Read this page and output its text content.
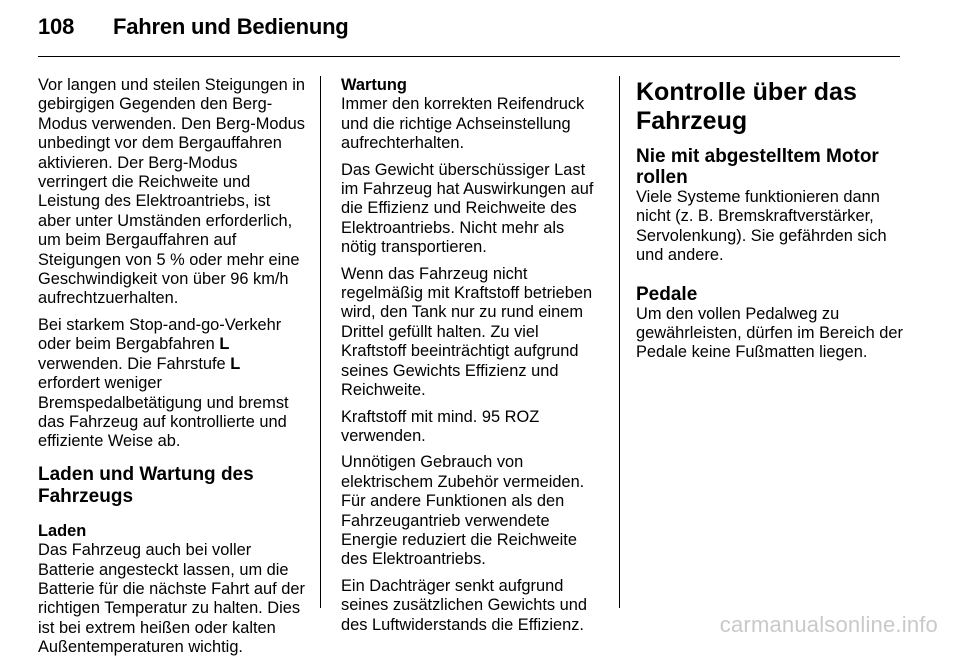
108 Fahren und Bedienung

Vor langen und steilen Steigungen in gebirgigen Gegenden den Berg-Modus verwenden. Den Berg-Modus unbedingt vor dem Bergauffahren aktivieren. Der Berg-Modus verringert die Reichweite und Leistung des Elektroantriebs, ist aber unter Umständen erforderlich, um beim Bergauffahren auf Steigungen von 5 % oder mehr eine Geschwindigkeit von über 96 km/h aufrechtzuerhalten.

Bei starkem Stop-and-go-Verkehr oder beim Bergabfahren L verwenden. Die Fahrstufe L erfordert weniger Bremspedalbetätigung und bremst das Fahrzeug auf kontrollierte und effiziente Weise ab.

Laden und Wartung des Fahrzeugs
Laden

Das Fahrzeug auch bei voller Batterie angesteckt lassen, um die Batterie für die nächste Fahrt auf der richtigen Temperatur zu halten. Dies ist bei extrem heißen oder kalten Außentemperaturen wichtig.

Wartung

Immer den korrekten Reifendruck und die richtige Achseinstellung aufrechterhalten.

Das Gewicht überschüssiger Last im Fahrzeug hat Auswirkungen auf die Effizienz und Reichweite des Elektroantriebs. Nicht mehr als nötig transportieren.

Wenn das Fahrzeug nicht regelmäßig mit Kraftstoff betrieben wird, den Tank nur zu rund einem Drittel gefüllt halten. Zu viel Kraftstoff beeinträchtigt aufgrund seines Gewichts Effizienz und Reichweite.

Kraftstoff mit mind. 95 ROZ verwenden.

Unnötigen Gebrauch von elektrischem Zubehör vermeiden. Für andere Funktionen als den Fahrzeugantrieb verwendete Energie reduziert die Reichweite des Elektroantriebs.

Ein Dachträger senkt aufgrund seines zusätzlichen Gewichts und des Luftwiderstands die Effizienz.

Kontrolle über das Fahrzeug
Nie mit abgestelltem Motor rollen

Viele Systeme funktionieren dann nicht (z. B. Bremskraftverstärker, Servolenkung). Sie gefährden sich und andere.

Pedale

Um den vollen Pedalweg zu gewährleisten, dürfen im Bereich der Pedale keine Fußmatten liegen.

carmanualsonline.info
